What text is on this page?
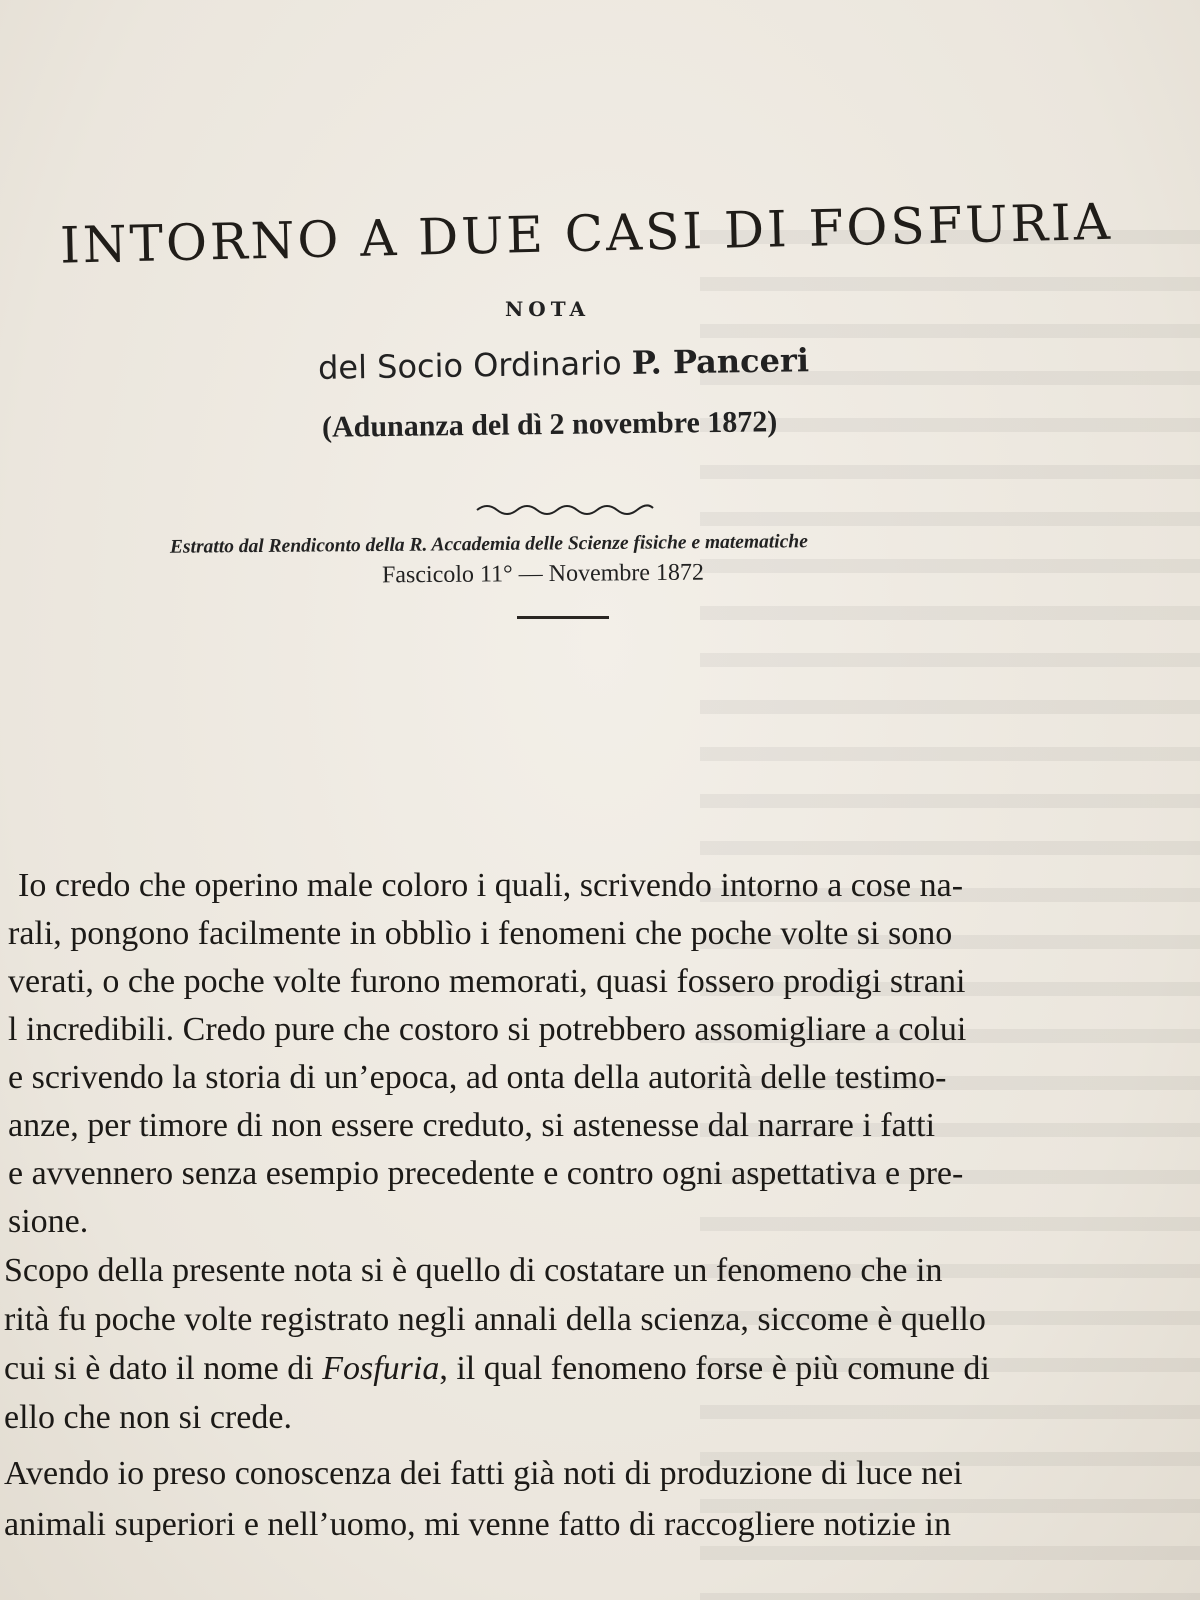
INTORNO A DUE CASI DI FOSFURIA
NOTA
del Socio Ordinario P. Panceri
(Adunanza del dì 2 novembre 1872)
Estratto dal Rendiconto della R. Accademia delle Scienze fisiche e matematiche
Fascicolo 11° — Novembre 1872
Io credo che operino male coloro i quali, scrivendo intorno a cose na-
rali, pongono facilmente in obblìo i fenomeni che poche volte si sono
verati, o che poche volte furono memorati, quasi fossero prodigi strani
l incredibili. Credo pure che costoro si potrebbero assomigliare a colui
e scrivendo la storia di un’epoca, ad onta della autorità delle testimo-
anze, per timore di non essere creduto, si astenesse dal narrare i fatti
e avvennero senza esempio precedente e contro ogni aspettativa e pre-
sione.
Scopo della presente nota si è quello di costatare un fenomeno che in
rità fu poche volte registrato negli annali della scienza, siccome è quello
cui si è dato il nome di Fosfuria, il qual fenomeno forse è più comune di
ello che non si crede.
Avendo io preso conoscenza dei fatti già noti di produzione di luce nei
animali superiori e nell’uomo, mi venne fatto di raccogliere notizie in
